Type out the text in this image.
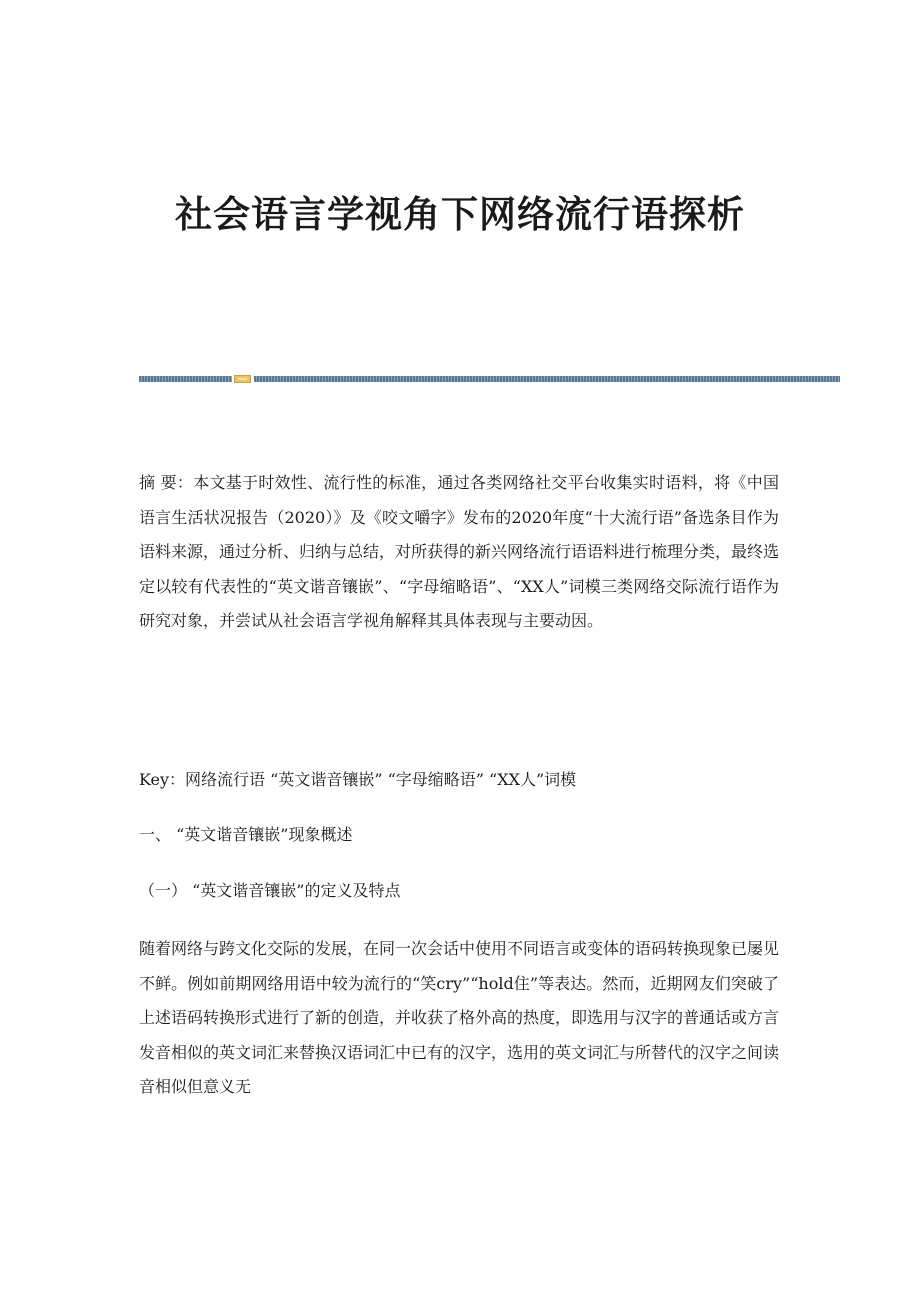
社会语言学视角下网络流行语探析
摘 要：本文基于时效性、流行性的标准，通过各类网络社交平台收集实时语料，将《中国语言生活状况报告（2020）》及《咬文嚼字》发布的2020年度“十大流行语”备选条目作为语料来源，通过分析、归纳与总结，对所获得的新兴网络流行语语料进行梳理分类，最终选定以较有代表性的“英文谐音镶嵌”、“字母缩略语”、“XX人”词模三类网络交际流行语作为研究对象，并尝试从社会语言学视角解释其具体表现与主要动因。
Key：网络流行语 “英文谐音镶嵌” “字母缩略语” “XX人”词模
一、 “英文谐音镶嵌”现象概述
（一） “英文谐音镶嵌”的定义及特点
随着网络与跨文化交际的发展，在同一次会话中使用不同语言或变体的语码转换现象已屡见不鲜。例如前期网络用语中较为流行的“笑cry”“hold住”等表达。然而，近期网友们突破了上述语码转换形式进行了新的创造，并收获了格外高的热度，即选用与汉字的普通话或方言发音相似的英文词汇来替换汉语词汇中已有的汉字，选用的英文词汇与所替代的汉字之间读音相似但意义无
